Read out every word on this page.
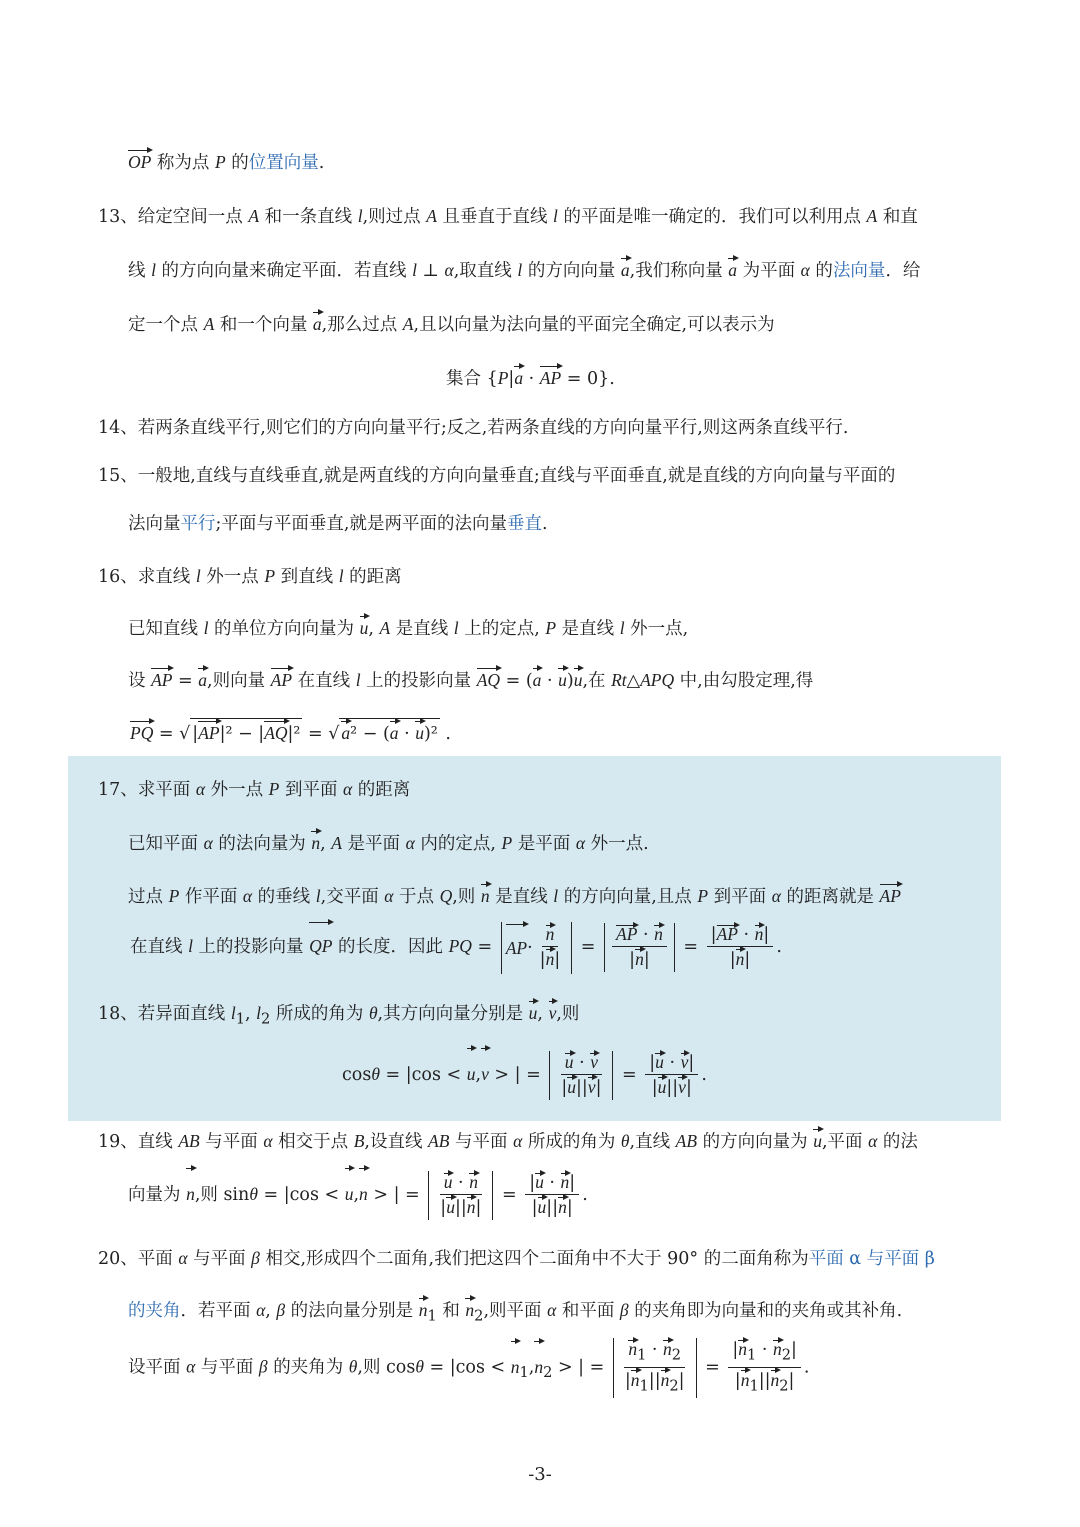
OP 称为点 P 的位置向量.
13、给定空间一点 A 和一条直线 l,则过点 A 且垂直于直线 l 的平面是唯一确定的．我们可以利用点 A 和直
线 l 的方向向量来确定平面．若直线 l ⊥ α,取直线 l 的方向向量 a,我们称向量 a 为平面 α 的法向量．给
定一个点 A 和一个向量 a,那么过点 A,且以向量为法向量的平面完全确定,可以表示为
集合 {P|a · AP = 0}.
14、若两条直线平行,则它们的方向向量平行;反之,若两条直线的方向向量平行,则这两条直线平行.
15、一般地,直线与直线垂直,就是两直线的方向向量垂直;直线与平面垂直,就是直线的方向向量与平面的
法向量平行;平面与平面垂直,就是两平面的法向量垂直.
16、求直线 l 外一点 P 到直线 l 的距离
已知直线 l 的单位方向向量为 u, A 是直线 l 上的定点, P 是直线 l 外一点,
设 AP = a,则向量 AP 在直线 l 上的投影向量 AQ = (a · u)u,在 Rt△APQ 中,由勾股定理,得
PQ = √ |AP|² − |AQ|² = √ a² − (a · u)² .
17、求平面 α 外一点 P 到平面 α 的距离
已知平面 α 的法向量为 n, A 是平面 α 内的定点, P 是平面 α 外一点.
过点 P 作平面 α 的垂线 l,交平面 α 于点 Q,则 n 是直线 l 的方向向量,且点 P 到平面 α 的距离就是 AP
在直线 l 上的投影向量 QP 的长度．因此 PQ = AP · $\frac{n}{|n|} = \frac{AP \cdot n}{|n|} = \frac{|AP \cdot n|}{|n|}$ .
18、若异面直线 $l_1$, $l_2$ 所成的角为 θ,其方向向量分别是 u, v,则
cosθ = |cos < u,v > | = $\frac{u \cdot v}{|u||v|} = \frac{|u \cdot v|}{|u||v|}$ .
19、直线 AB 与平面 α 相交于点 B,设直线 AB 与平面 α 所成的角为 θ,直线 AB 的方向向量为 u,平面 α 的法
向量为 n,则 sinθ = |cos < u,n > | = $\frac{u \cdot n}{|u||n|} = \frac{|u \cdot n|}{|u||n|}$ .
20、平面 α 与平面 β 相交,形成四个二面角,我们把这四个二面角中不大于 90° 的二面角称为平面 α 与平面 β
的夹角．若平面 α, β 的法向量分别是 $n_1$ 和 $n_2$,则平面 α 和平面 β 的夹角即为向量和的夹角或其补角.
设平面 α 与平面 β 的夹角为 θ,则 $\cos\theta = |\cos < n_1,n_2$ > | = $\frac{n_1 \cdot n_2}{|n_1||n_2|} = \frac{|n_1 \cdot n_2|}{|n_1||n_2|}$ .
-3-
